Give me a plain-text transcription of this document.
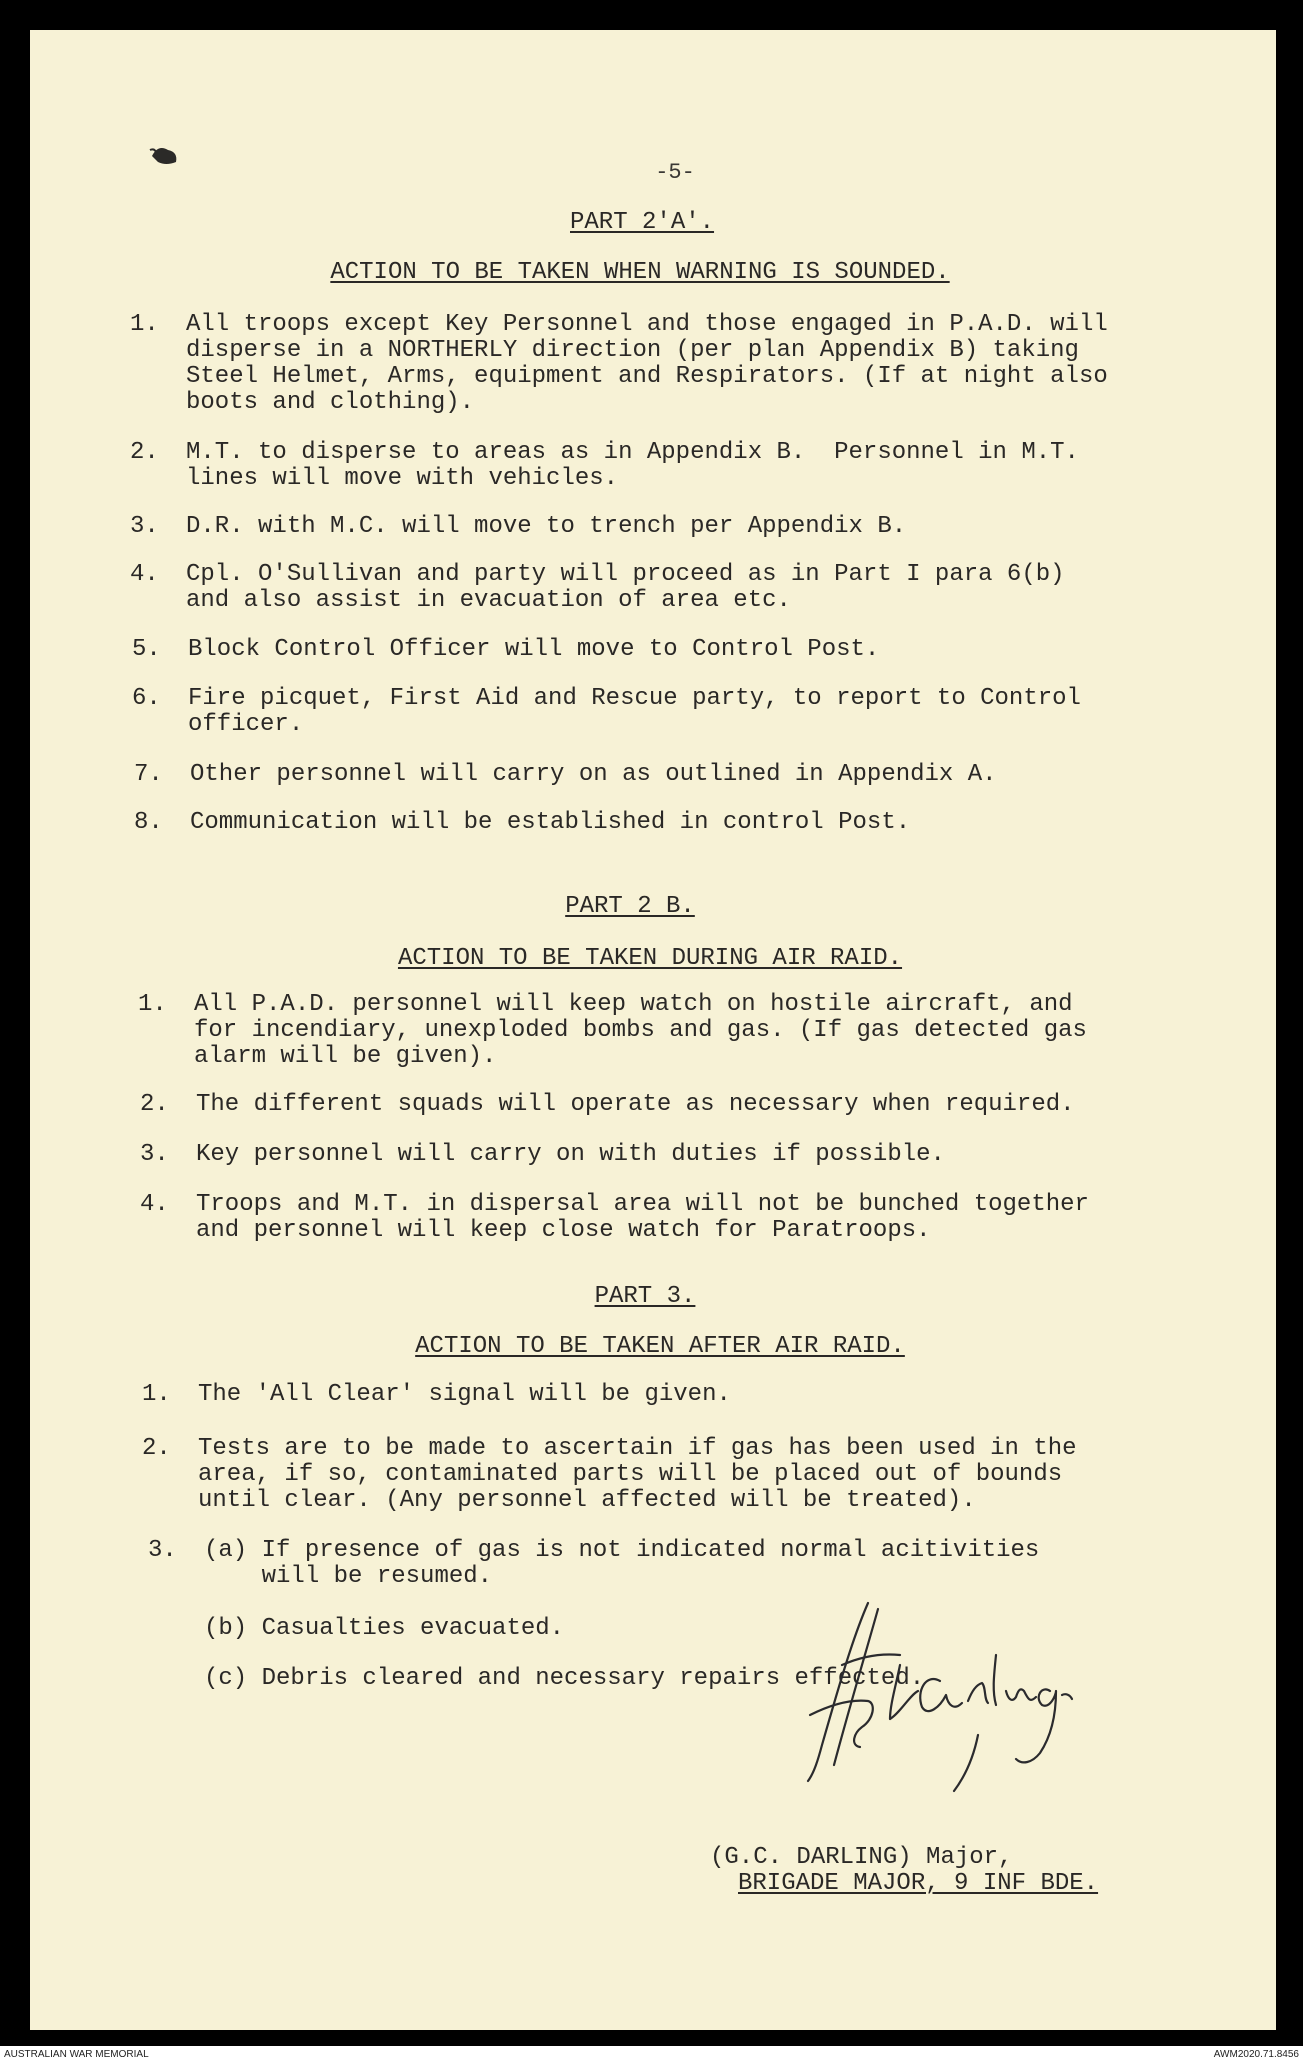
-5-
PART 2'A'.
ACTION TO BE TAKEN WHEN WARNING IS SOUNDED.
1.	All troops except Key Personnel and those engaged in P.A.D. will
disperse in a NORTHERLY direction (per plan Appendix B) taking
Steel Helmet, Arms, equipment and Respirators. (If at night also
boots and clothing).
2.	M.T. to disperse to areas as in Appendix B.  Personnel in M.T.
lines will move with vehicles.
3.	D.R. with M.C. will move to trench per Appendix B.
4.	Cpl. O'Sullivan and party will proceed as in Part I para 6(b)
and also assist in evacuation of area etc.
5.	Block Control Officer will move to Control Post.
6.	Fire picquet, First Aid and Rescue party, to report to Control
officer.
7.	Other personnel will carry on as outlined in Appendix A.
8.	Communication will be established in control Post.
PART 2 B.
ACTION TO BE TAKEN DURING AIR RAID.
1.	All P.A.D. personnel will keep watch on hostile aircraft, and
for incendiary, unexploded bombs and gas. (If gas detected gas
alarm will be given).
2.	The different squads will operate as necessary when required.
3.	Key personnel will carry on with duties if possible.
4.	Troops and M.T. in dispersal area will not be bunched together
and personnel will keep close watch for Paratroops.
PART 3.
ACTION TO BE TAKEN AFTER AIR RAID.
1.	The 'All Clear' signal will be given.
2.	Tests are to be made to ascertain if gas has been used in the
area, if so, contaminated parts will be placed out of bounds
until clear. (Any personnel affected will be treated).
3.	(a) If presence of gas is not indicated normal acitivities
will be resumed.
(b) Casualties evacuated.
(c) Debris cleared and necessary repairs effected.
(G.C. DARLING) Major,
BRIGADE MAJOR, 9 INF BDE.
AUSTRALIAN WAR MEMORIAL	AWM2020.71.8456
